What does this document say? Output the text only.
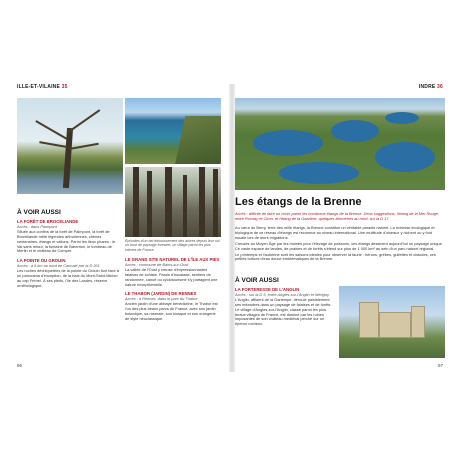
ILLE-ET-VILAINE 35
Épisodes d'un bel éblouissement des arbres depuis leur sol un bout de paysage forestier, un village parmi les plus intimes de France.
À VOIR AUSSI
LA FORÊT DE BROCÉLIANDE
Accès : dans Paimpont
Située aux confins de la forêt de Paimpont, la forêt de Brocéliande mêle légendes arthuriennes, chênes centenaires, étangs et vallons. Parmi les lieux phares : le Val sans retour, la fontaine de Barenton, le tombeau de Merlin et le château de Comper.
LA POINTE DU GROUIN
Accès : à 5 km au nord de Cancale par la D 201
Les roches déchiquetées de la pointe du Grouin font face à un panorama d'exception, de la baie du Mont-Saint-Michel au cap Fréhel. À ses pieds, l'île des Landes, réserve ornithologique.
LE GRAND SITE NATUREL DE L'ÎLE AUX PIES
Accès : commune de Bains-sur-Oust
La vallée de l'Oust y creuse d'impressionnantes falaises de schiste. Parois d'escalade, sentiers de randonnée, canoë ou cyclotourisme s'y partagent une nature exceptionnelle.
LE THABOR (JARDIN) DE RENNES
Accès : à Rennes, dans le parc du Thabor
Ancien jardin d'une abbaye bénédictine, le Thabor est l'un des plus beaux parcs de France, avec son jardin botanique, sa roseraie, son kiosque et son orangerie de style néoclassique.
96
INDRE 36
Les étangs de la Brenne
Accès : difficile de faire un choix parmi les nombreux étangs de la Brenne. Deux suggestions, l'étang de la Mer Rouge, entre Rosnay et Ciron, et l'étang de la Gabrière, quelques kilomètres au nord, sur la D 17.

Au cœur du Berry, terre des mille étangs, la Brenne constitue un véritable paradis naturel. La richesse écologique et biologique de ce réseau d'étangs est reconnue au niveau international. Une multitude d'oiseaux y nichent ou y font escale lors de leurs migrations.

Creusés au Moyen Âge par les moines pour l'élevage de poissons, ces étangs dessinent aujourd'hui un paysage unique. Ce vaste espace de landes, de prairies et de forêts s'étend sur plus de 1 000 km² au sein d'un parc naturel régional.

Le printemps et l'automne sont les saisons idéales pour observer la faune : hérons, grèbes, guifettes et cistudes, ces petites tortues d'eau douce emblématiques de la Brenne.

À VOIR AUSSI
LA FORTERESSE DE L'ANGLIN
Accès : sur la D 5, entre Angles-sur-l'Anglin et Mérigny
L'Anglin, affluent de la Gartempe, déroule paisiblement ses méandres dans un paysage de falaises et de forêts. Le village d'Angles-sur-l'Anglin, classé parmi les plus beaux villages de France, est dominé par les ruines imposantes de son château médiéval perché sur un éperon rocheux.
97
